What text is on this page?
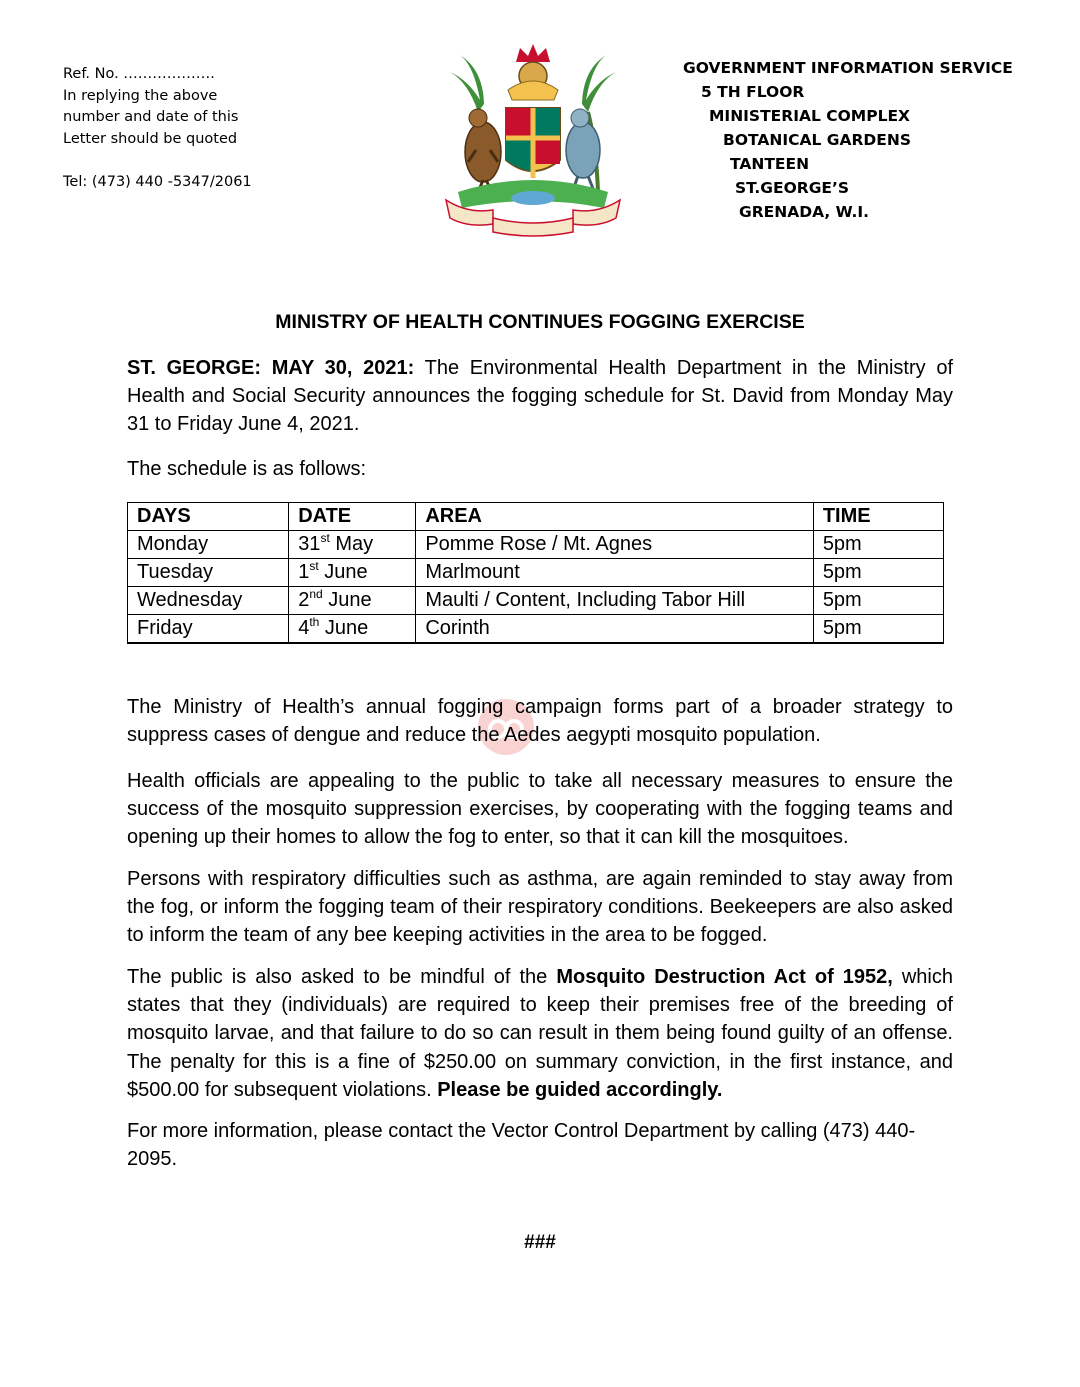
Ref. No. ……………….
In replying the above
number and date of this
Letter should be quoted
Tel: (473) 440 -5347/2061
GOVERNMENT INFORMATION SERVICE
5 TH FLOOR
MINISTERIAL COMPLEX
BOTANICAL GARDENS
TANTEEN
ST.GEORGE’S
GRENADA, W.I.
MINISTRY OF HEALTH CONTINUES FOGGING EXERCISE

ST. GEORGE: MAY 30, 2021: The Environmental Health Department in the Ministry of Health and Social Security announces the fogging schedule for St. David from Monday May 31 to Friday June 4, 2021.

The schedule is as follows:

DAYS	DATE	AREA	TIME
Monday	31st May	Pomme Rose / Mt. Agnes	5pm
Tuesday	1st June	Marlmount	5pm
Wednesday	2nd June	Maulti / Content, Including Tabor Hill	5pm
Friday	4th June	Corinth	5pm

The Ministry of Health’s annual fogging campaign forms part of a broader strategy to suppress cases of dengue and reduce the Aedes aegypti mosquito population.

Health officials are appealing to the public to take all necessary measures to ensure the success of the mosquito suppression exercises, by cooperating with the fogging teams and opening up their homes to allow the fog to enter, so that it can kill the mosquitoes.

Persons with respiratory difficulties such as asthma, are again reminded to stay away from the fog, or inform the fogging team of their respiratory conditions. Beekeepers are also asked to inform the team of any bee keeping activities in the area to be fogged.

The public is also asked to be mindful of the Mosquito Destruction Act of 1952, which states that they (individuals) are required to keep their premises free of the breeding of mosquito larvae, and that failure to do so can result in them being found guilty of an offense. The penalty for this is a fine of $250.00 on summary conviction, in the first instance, and $500.00 for subsequent violations. Please be guided accordingly.

For more information, please contact the Vector Control Department by calling (473) 440-2095.

###
